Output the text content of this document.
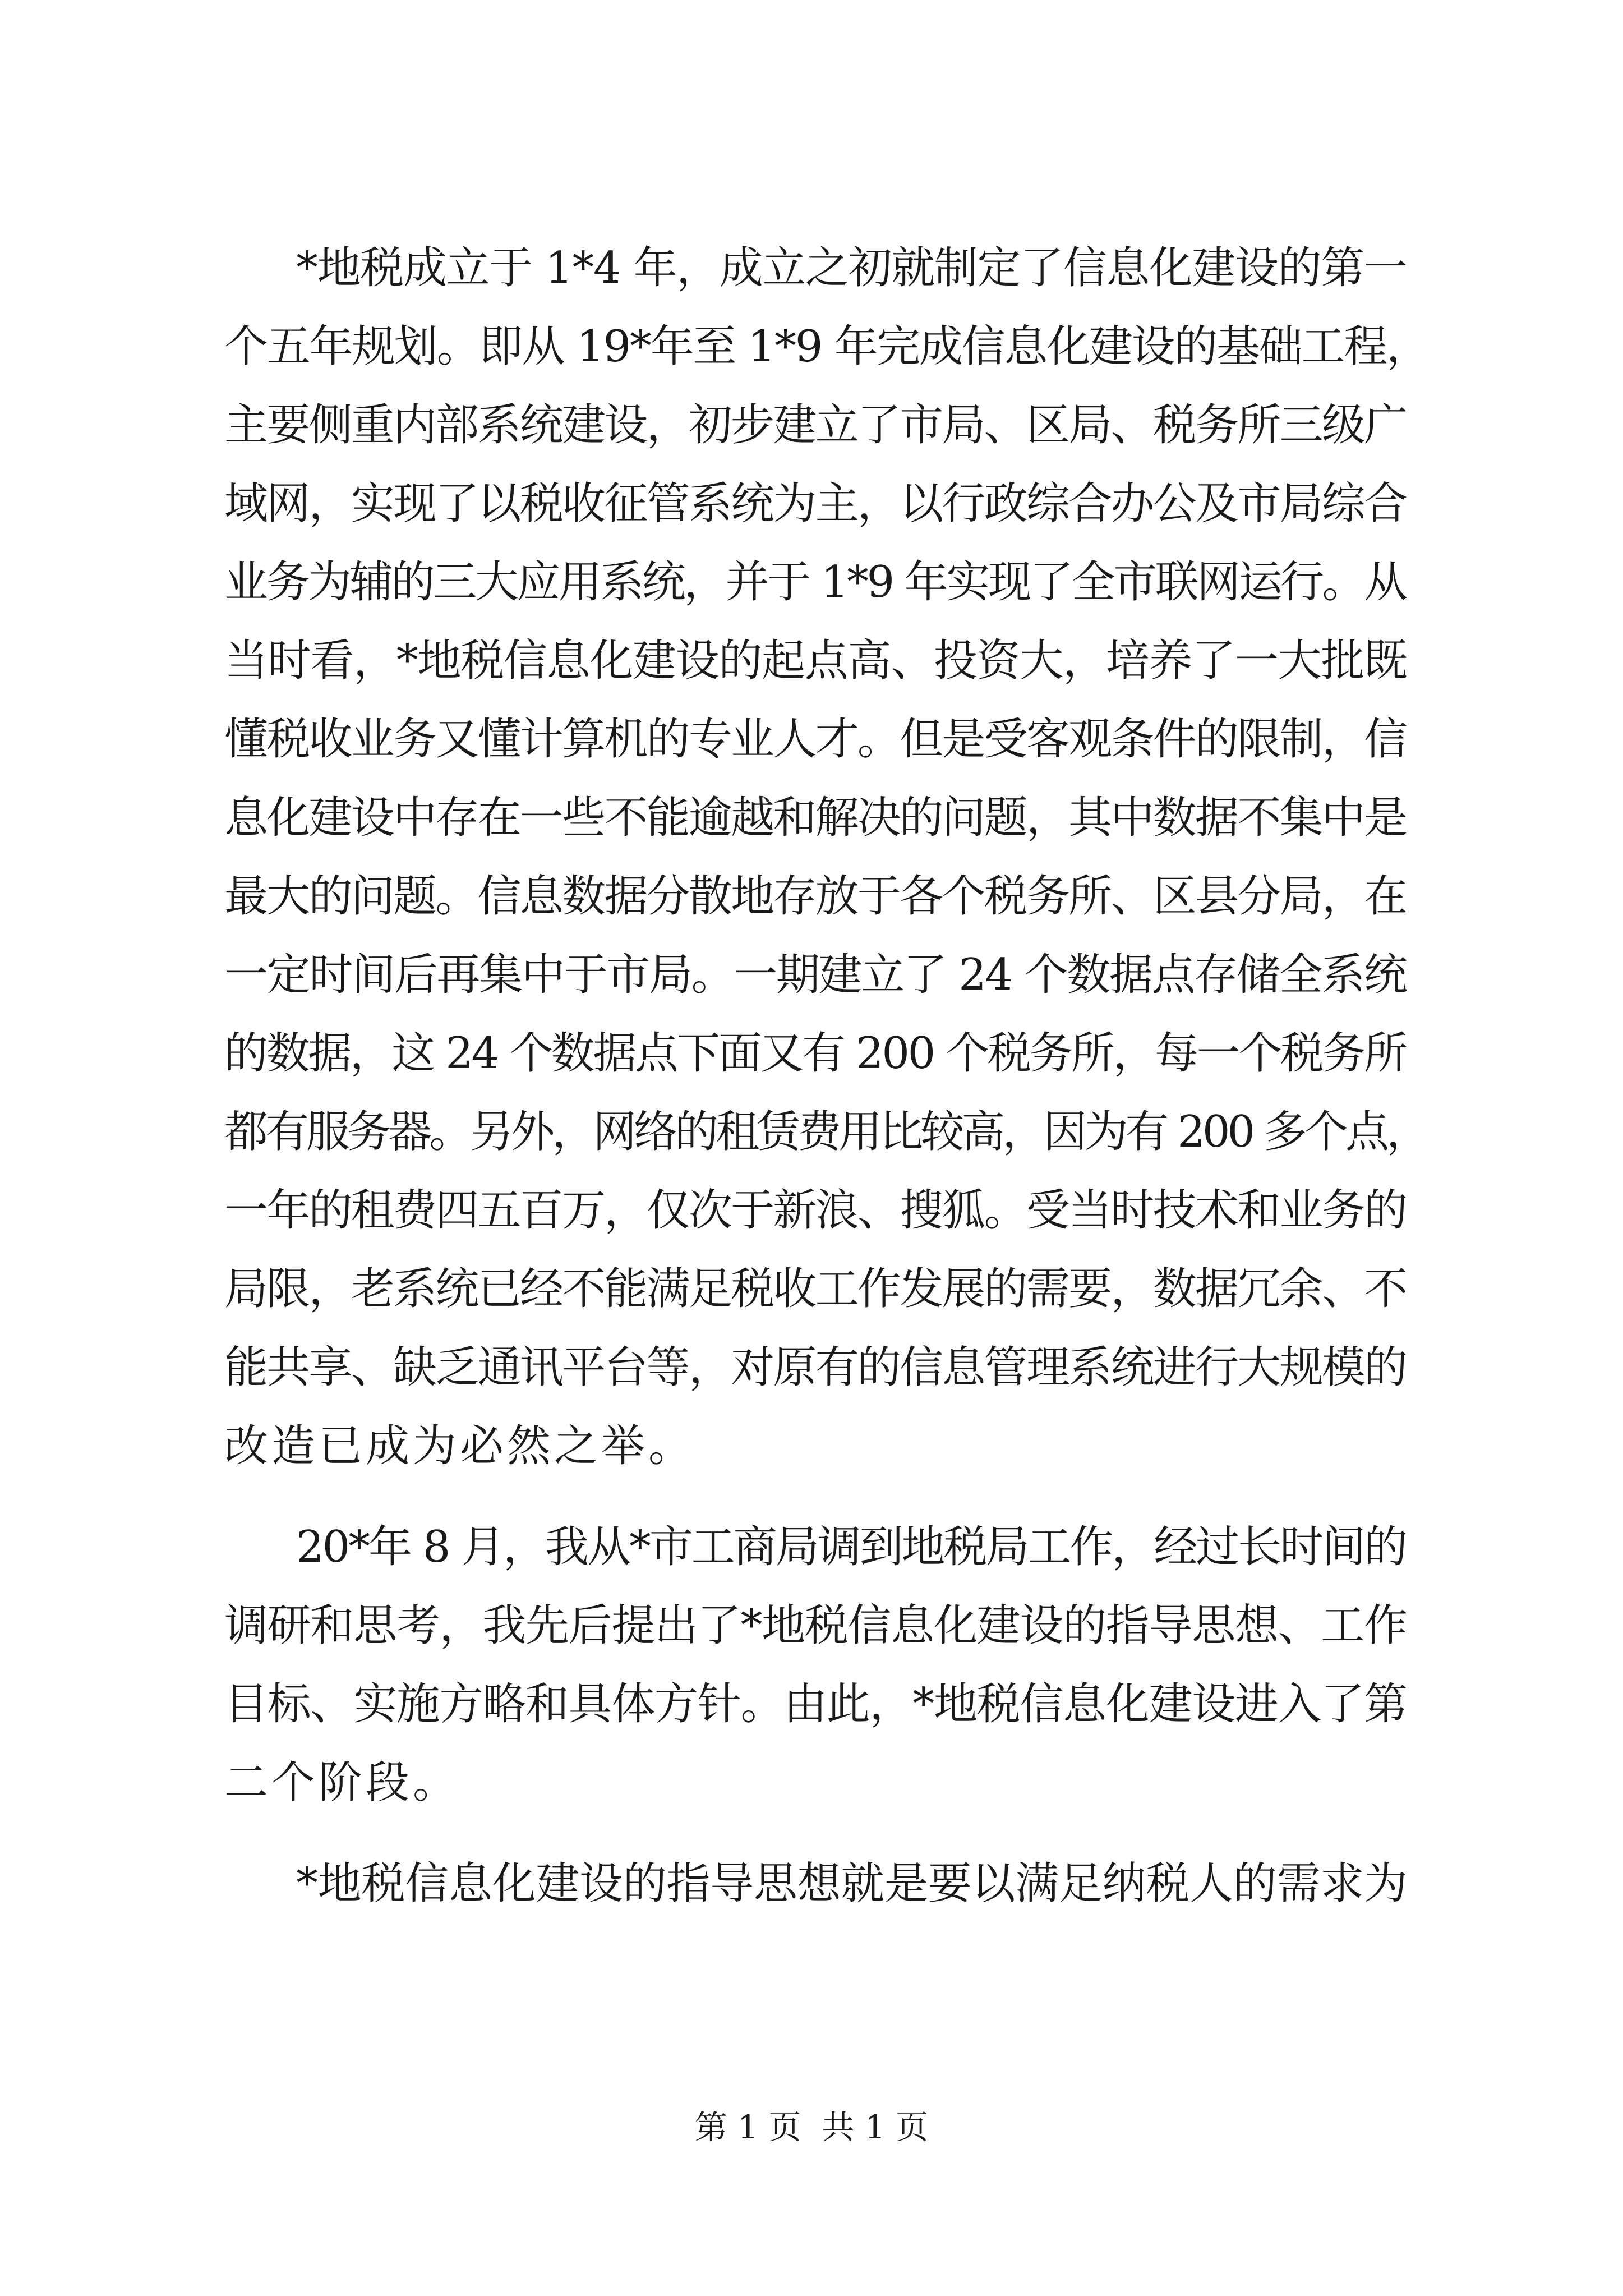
*地税成立于 1*4 年，成立之初就制定了信息化建设的第一
个五年规划。即从 19*年至 1*9 年完成信息化建设的基础工程，
主要侧重内部系统建设，初步建立了市局、区局、税务所三级广
域网，实现了以税收征管系统为主，以行政综合办公及市局综合
业务为辅的三大应用系统，并于 1*9 年实现了全市联网运行。从
当时看，*地税信息化建设的起点高、投资大，培养了一大批既
懂税收业务又懂计算机的专业人才。但是受客观条件的限制，信
息化建设中存在一些不能逾越和解决的问题，其中数据不集中是
最大的问题。信息数据分散地存放于各个税务所、区县分局，在
一定时间后再集中于市局。一期建立了 24 个数据点存储全系统
的数据，这 24 个数据点下面又有 200 个税务所，每一个税务所
都有服务器。另外，网络的租赁费用比较高，因为有 200 多个点，
一年的租费四五百万，仅次于新浪、搜狐。受当时技术和业务的
局限，老系统已经不能满足税收工作发展的需要，数据冗余、不
能共享、缺乏通讯平台等，对原有的信息管理系统进行大规模的
改造已成为必然之举。
20*年 8 月，我从*市工商局调到地税局工作，经过长时间的
调研和思考，我先后提出了*地税信息化建设的指导思想、工作
目标、实施方略和具体方针。由此，*地税信息化建设进入了第
二个阶段。
*地税信息化建设的指导思想就是要以满足纳税人的需求为
第 1 页  共 1 页
